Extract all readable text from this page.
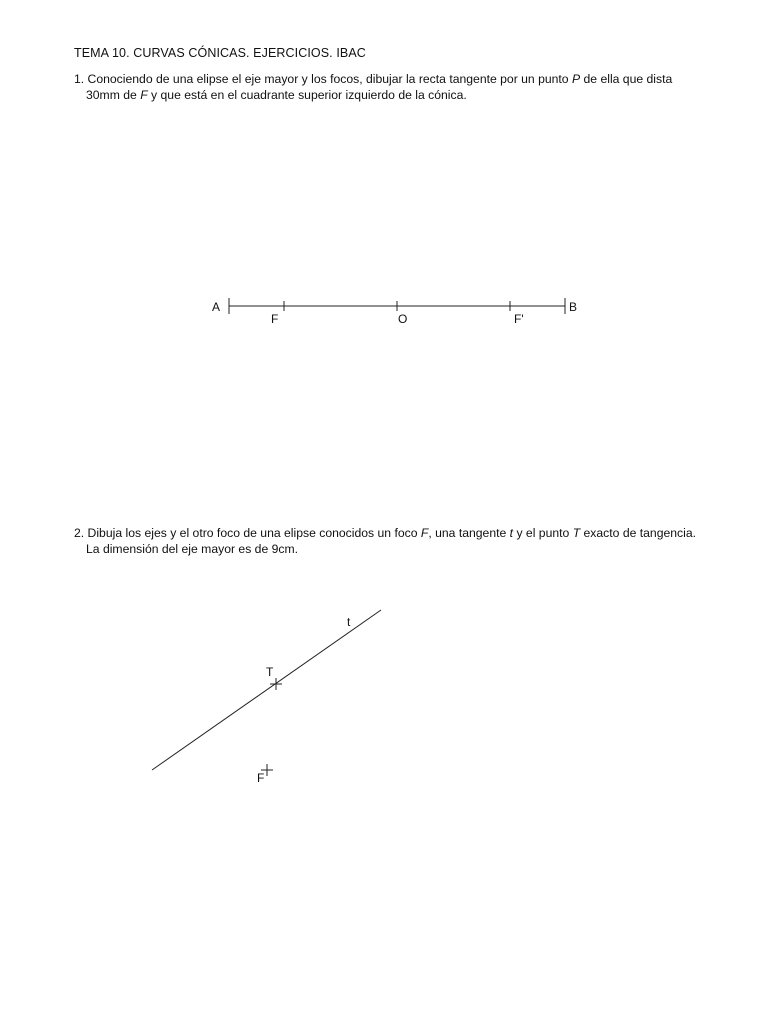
TEMA 10. CURVAS CÓNICAS. EJERCICIOS. IBAC
1. Conociendo de una elipse el eje mayor y los focos, dibujar la recta tangente por un punto P de ella que dista
30mm de F y que está en el cuadrante superior izquierdo de la cónica.
A	B
F	O	F'
2. Dibuja los ejes y el otro foco de una elipse conocidos un foco F, una tangente t y el punto T exacto de tangencia.
La dimensión del eje mayor es de 9cm.
t
T
F
